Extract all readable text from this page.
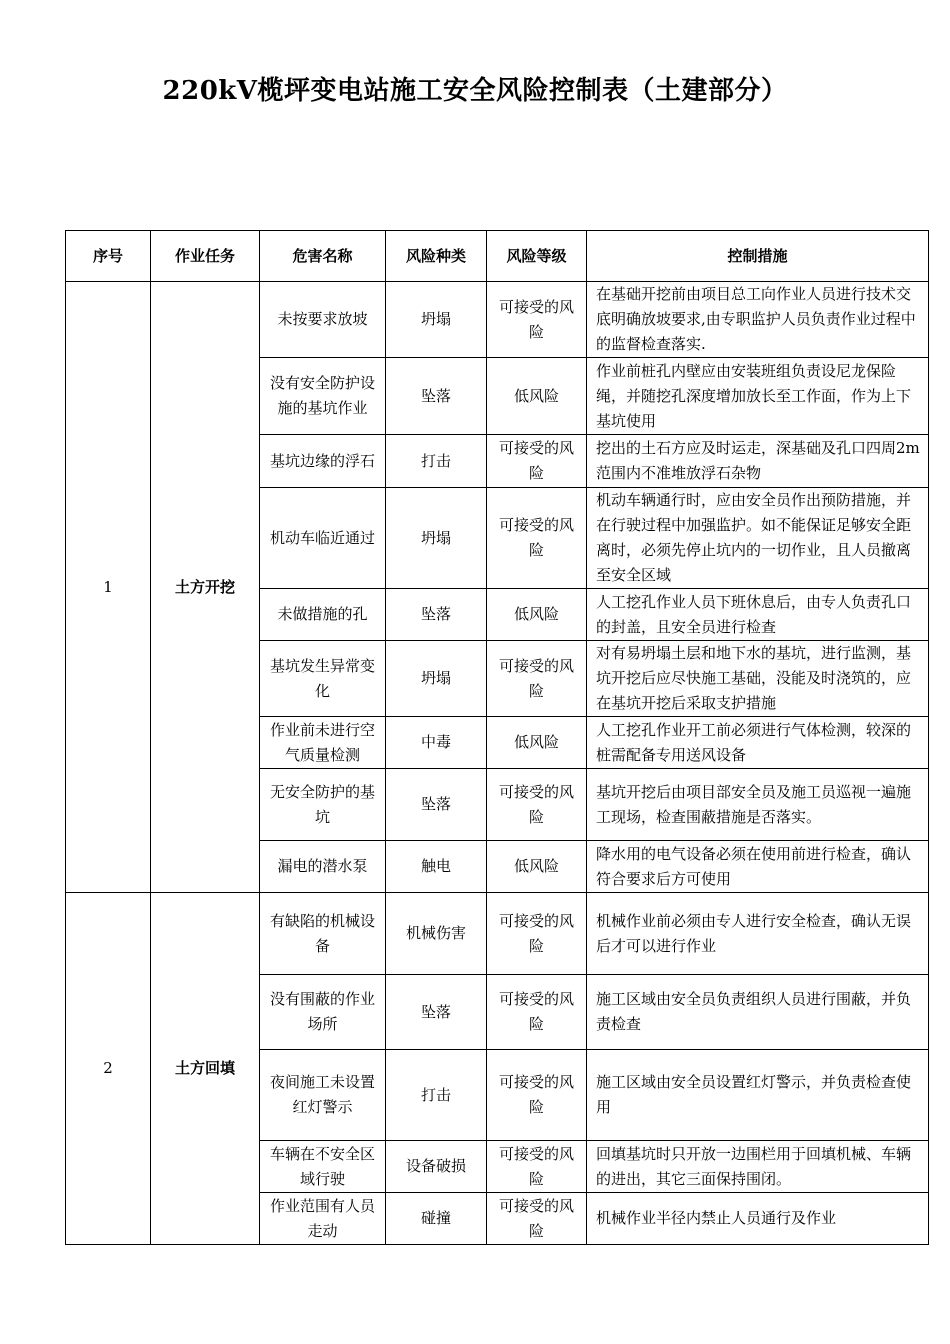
220kV榄坪变电站施工安全风险控制表（土建部分）
序号	作业任务	危害名称	风险种类	风险等级	控制措施
1	土方开挖	未按要求放坡	坍塌	可接受的风险	在基础开挖前由项目总工向作业人员进行技术交底明确放坡要求,由专职监护人员负责作业过程中的监督检查落实.
		没有安全防护设施的基坑作业	坠落	低风险	作业前桩孔内壁应由安装班组负责设尼龙保险绳，并随挖孔深度增加放长至工作面，作为上下基坑使用
		基坑边缘的浮石	打击	可接受的风险	挖出的土石方应及时运走，深基础及孔口四周2m范围内不准堆放浮石杂物
		机动车临近通过	坍塌	可接受的风险	机动车辆通行时，应由安全员作出预防措施，并在行驶过程中加强监护。如不能保证足够安全距离时，必须先停止坑内的一切作业，且人员撤离至安全区域
		未做措施的孔	坠落	低风险	人工挖孔作业人员下班休息后，由专人负责孔口的封盖，且安全员进行检查
		基坑发生异常变化	坍塌	可接受的风险	对有易坍塌土层和地下水的基坑，进行监测，基坑开挖后应尽快施工基础，没能及时浇筑的，应在基坑开挖后采取支护措施
		作业前未进行空气质量检测	中毒	低风险	人工挖孔作业开工前必须进行气体检测，较深的桩需配备专用送风设备
		无安全防护的基坑	坠落	可接受的风险	基坑开挖后由项目部安全员及施工员巡视一遍施工现场，检查围蔽措施是否落实。
		漏电的潜水泵	触电	低风险	降水用的电气设备必须在使用前进行检查，确认符合要求后方可使用
2	土方回填	有缺陷的机械设备	机械伤害	可接受的风险	机械作业前必须由专人进行安全检查，确认无误后才可以进行作业
		没有围蔽的作业场所	坠落	可接受的风险	施工区域由安全员负责组织人员进行围蔽，并负责检查
		夜间施工未设置红灯警示	打击	可接受的风险	施工区域由安全员设置红灯警示，并负责检查使用
		车辆在不安全区域行驶	设备破损	可接受的风险	回填基坑时只开放一边围栏用于回填机械、车辆的进出，其它三面保持围闭。
		作业范围有人员走动	碰撞	可接受的风险	机械作业半径内禁止人员通行及作业
